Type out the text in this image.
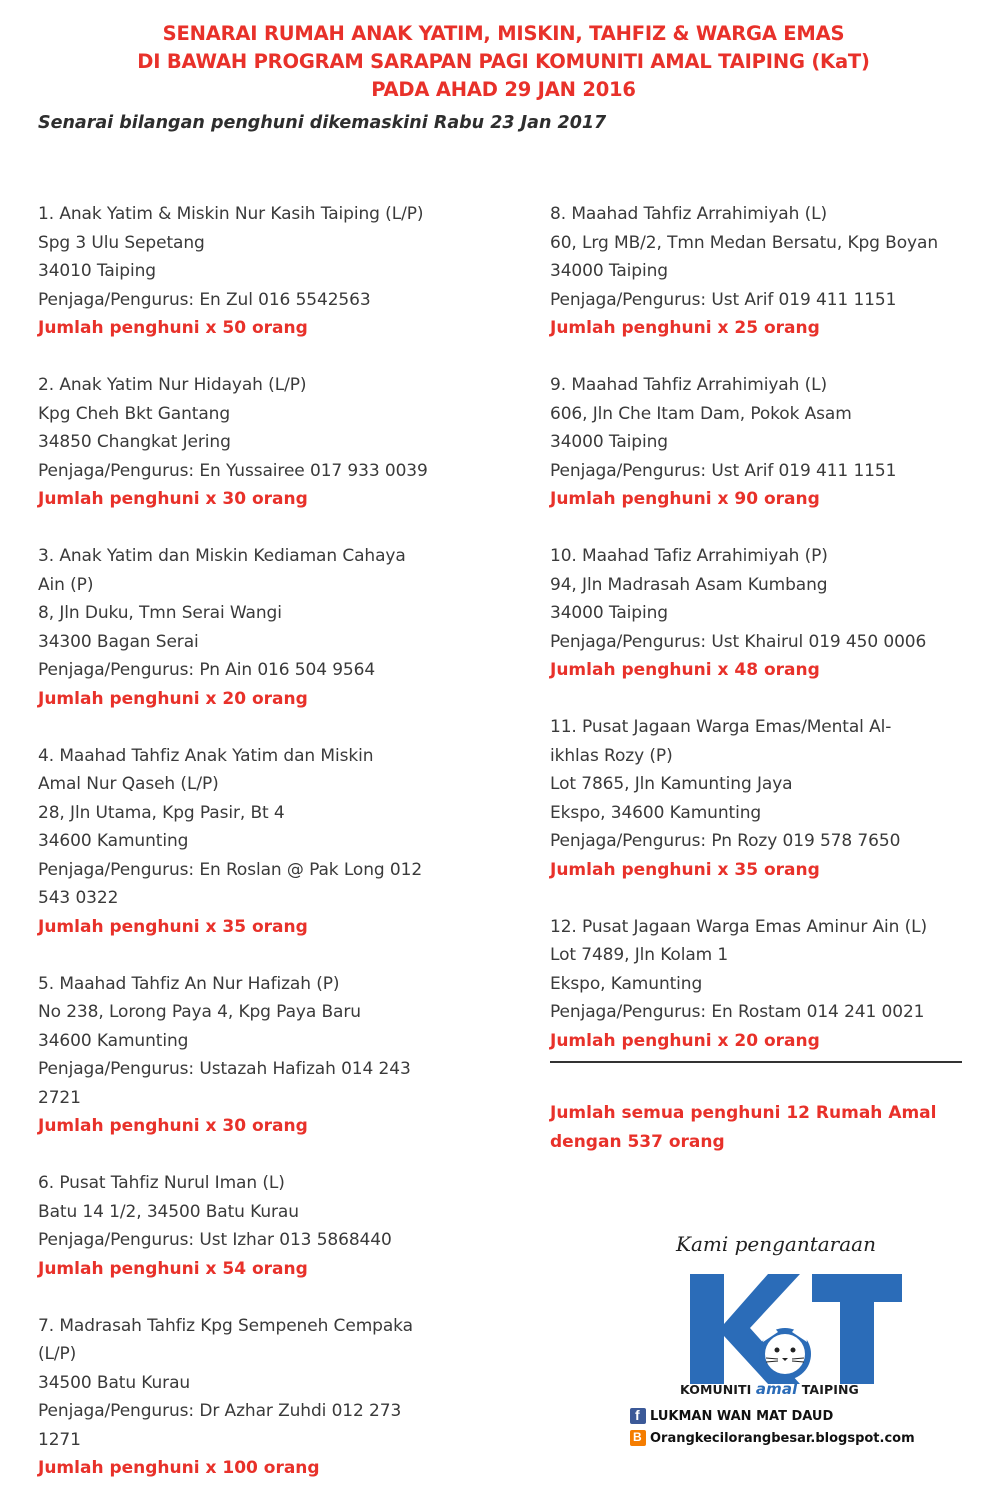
SENARAI RUMAH ANAK YATIM, MISKIN, TAHFIZ & WARGA EMAS
DI BAWAH PROGRAM SARAPAN PAGI KOMUNITI AMAL TAIPING (KaT)
PADA AHAD 29 JAN 2016
Senarai bilangan penghuni dikemaskini Rabu 23 Jan 2017
1. Anak Yatim & Miskin Nur Kasih Taiping (L/P)
Spg 3 Ulu Sepetang
34010 Taiping
Penjaga/Pengurus: En Zul 016 5542563
Jumlah penghuni x 50 orang
2. Anak Yatim Nur Hidayah (L/P)
Kpg Cheh Bkt Gantang
34850 Changkat Jering
Penjaga/Pengurus: En Yussairee 017 933 0039
Jumlah penghuni x 30 orang
3. Anak Yatim dan Miskin Kediaman Cahaya
Ain (P)
8, Jln Duku, Tmn Serai Wangi
34300 Bagan Serai
Penjaga/Pengurus: Pn Ain 016 504 9564
Jumlah penghuni x 20 orang
4. Maahad Tahfiz Anak Yatim dan Miskin
Amal Nur Qaseh (L/P)
28, Jln Utama, Kpg Pasir, Bt 4
34600 Kamunting
Penjaga/Pengurus: En Roslan @ Pak Long 012
543 0322
Jumlah penghuni x 35 orang
5. Maahad Tahfiz An Nur Hafizah (P)
No 238, Lorong Paya 4, Kpg Paya Baru
34600 Kamunting
Penjaga/Pengurus: Ustazah Hafizah 014 243
2721
Jumlah penghuni x 30 orang
6. Pusat Tahfiz Nurul Iman (L)
Batu 14 1/2, 34500 Batu Kurau
Penjaga/Pengurus: Ust Izhar 013 5868440
Jumlah penghuni x 54 orang
7. Madrasah Tahfiz Kpg Sempeneh Cempaka
(L/P)
34500 Batu Kurau
Penjaga/Pengurus: Dr Azhar Zuhdi 012 273
1271
Jumlah penghuni x 100 orang
8. Maahad Tahfiz Arrahimiyah (L)
60, Lrg MB/2, Tmn Medan Bersatu, Kpg Boyan
34000 Taiping
Penjaga/Pengurus: Ust Arif 019 411 1151
Jumlah penghuni x 25 orang
9. Maahad Tahfiz Arrahimiyah (L)
606, Jln Che Itam Dam, Pokok Asam
34000 Taiping
Penjaga/Pengurus: Ust Arif 019 411 1151
Jumlah penghuni x 90 orang
10. Maahad Tafiz Arrahimiyah (P)
94, Jln Madrasah Asam Kumbang
34000 Taiping
Penjaga/Pengurus: Ust Khairul 019 450 0006
Jumlah penghuni x 48 orang
11. Pusat Jagaan Warga Emas/Mental Al-
ikhlas Rozy (P)
Lot 7865, Jln Kamunting Jaya
Ekspo, 34600 Kamunting
Penjaga/Pengurus: Pn Rozy 019 578 7650
Jumlah penghuni x 35 orang
12. Pusat Jagaan Warga Emas Aminur Ain (L)
Lot 7489, Jln Kolam 1
Ekspo, Kamunting
Penjaga/Pengurus: En Rostam 014 241 0021
Jumlah penghuni x 20 orang
Jumlah semua penghuni 12 Rumah Amal
dengan 537 orang
Kami pengantaraan
KOMUNITI amal TAIPING
f
LUKMAN WAN MAT DAUD
B
Orangkecilorangbesar.blogspot.com
